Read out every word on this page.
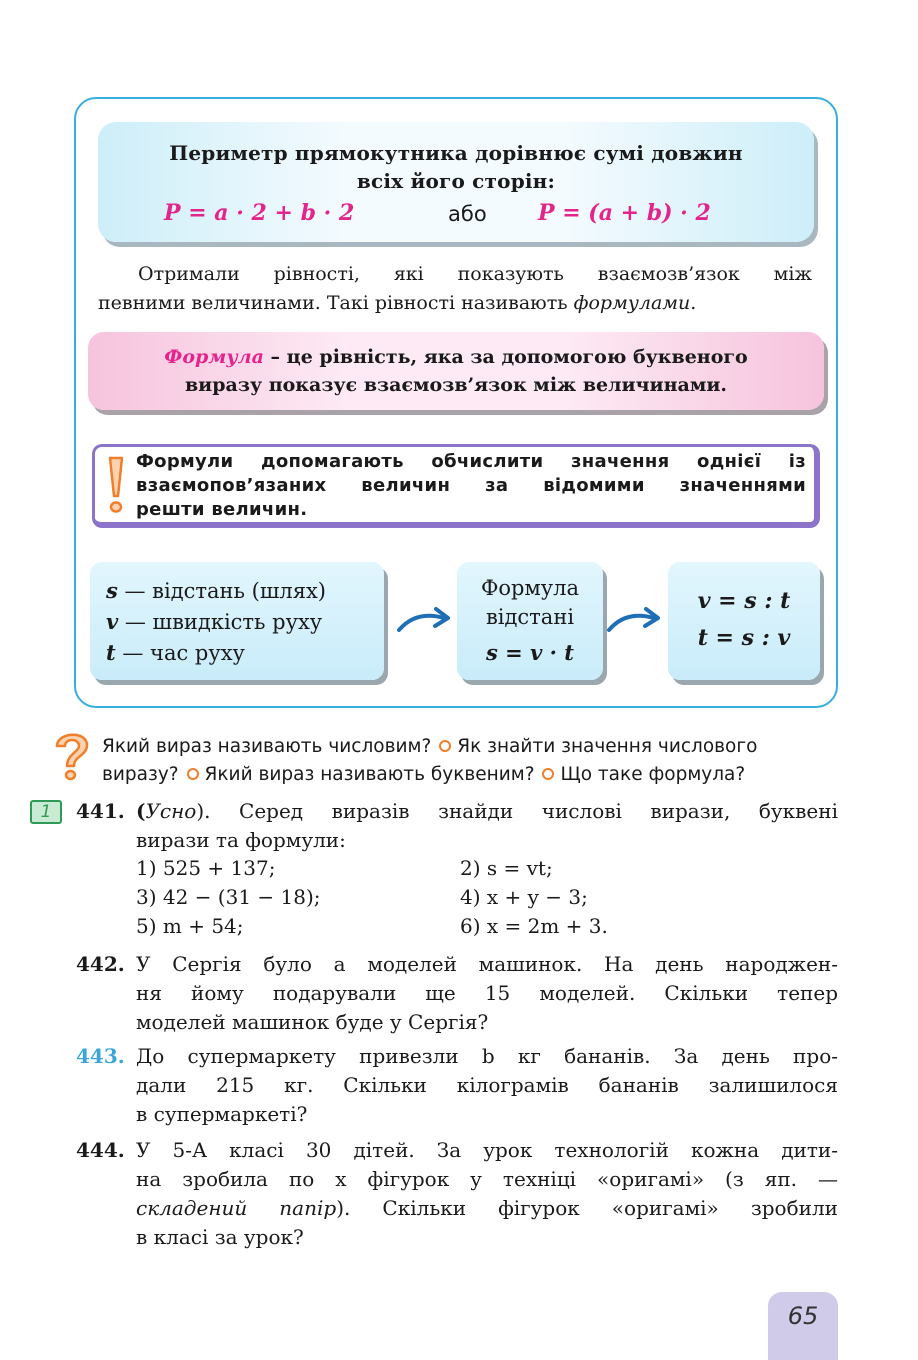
Периметр прямокутника дорівнює сумі довжин
всіх його сторін:
P = a · 2 + b · 2	або P = (a + b) · 2
Отримали рівності, які показують взаємозв’язок між
певними величинами. Такі рівності називають формулами.
Формула – це рівність, яка за допомогою буквеного
виразу показує взаємозв’язок між величинами.
Формули допомагають обчислити значення однієї із
взаємопов’язаних величин за відомими значеннями
решти величин.
s — відстань (шлях)
v — швидкість руху
t — час руху
Формула
відстані
s = v · t
v = s : t
t = s : v
Який вираз називають числовим? Як знайти значення числового
виразу? Який вираз називають буквеним? Що таке формула?
1	441. (Усно). Серед виразів знайди числові вирази, буквені
вирази та формули:
1) 525 + 137;	2) s = vt;
3) 42 − (31 − 18);	4) x + y − 3;
5) m + 54;	6) x = 2m + 3.
442. У Сергія було a моделей машинок. На день народжен-
ня йому подарували ще 15 моделей. Скільки тепер
моделей машинок буде у Сергія?
443. До супермаркету привезли b кг бананів. За день про-
дали 215 кг. Скільки кілограмів бананів залишилося
в супермаркеті?
444. У 5-А класі 30 дітей. За урок технологій кожна дити-
на зробила по x фігурок у техніці «оригамі» (з яп. —
складений папір). Скільки фігурок «оригамі» зробили
в класі за урок?
65
